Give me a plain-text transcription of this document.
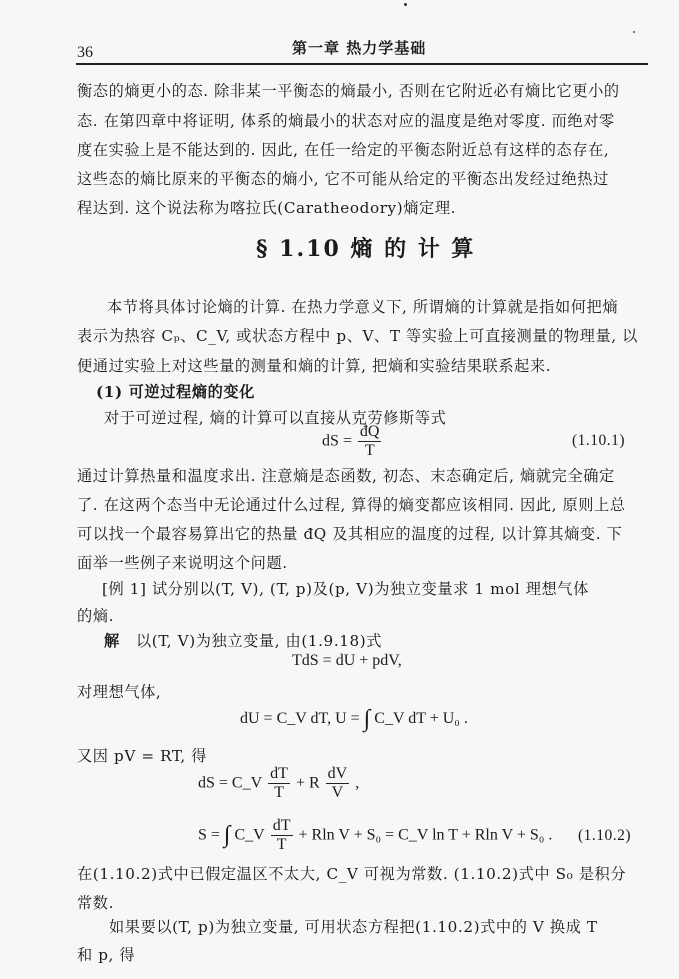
36	第一章 热力学基础
衡态的熵更小的态. 除非某一平衡态的熵最小, 否则在它附近必有熵比它更小的
态. 在第四章中将证明, 体系的熵最小的状态对应的温度是绝对零度. 而绝对零
度在实验上是不能达到的. 因此, 在任一给定的平衡态附近总有这样的态存在,
这些态的熵比原来的平衡态的熵小, 它不可能从给定的平衡态出发经过绝热过
程达到. 这个说法称为喀拉氏(Caratheodory)熵定理.
§ 1.10 熵 的 计 算
本节将具体讨论熵的计算. 在热力学意义下, 所谓熵的计算就是指如何把熵
表示为热容 Cₚ、C_V, 或状态方程中 p、V、T 等实验上可直接测量的物理量, 以
便通过实验上对这些量的测量和熵的计算, 把熵和实验结果联系起来.
(1) 可逆过程熵的变化
对于可逆过程, 熵的计算可以直接从克劳修斯等式
dS = $\frac{đQ}{T}$	(1.10.1)
通过计算热量和温度求出. 注意熵是态函数, 初态、末态确定后, 熵就完全确定
了. 在这两个态当中无论通过什么过程, 算得的熵变都应该相同. 因此, 原则上总
可以找一个最容易算出它的热量 đQ 及其相应的温度的过程, 以计算其熵变. 下
面举一些例子来说明这个问题.
[例 1] 试分别以(T, V), (T, p)及(p, V)为独立变量求 1 mol 理想气体
的熵.
解 以(T, V)为独立变量, 由(1.9.18)式
TdS = dU + pdV,
对理想气体,
dU = C_V dT, U = ∫ C_V dT + U₀ .
又因 pV = RT, 得
dS = C_V $\frac{dT}{T} + R \frac{dV}{V}$ ,
S = ∫ C_V $\frac{dT}{T} + Rln$ V + S₀ = C_V ln T + Rln V + S₀ . (1.10.2)
在(1.10.2)式中已假定温区不太大, C_V 可视为常数. (1.10.2)式中 S₀ 是积分
常数.
如果要以(T, p)为独立变量, 可用状态方程把(1.10.2)式中的 V 换成 T
和 p, 得
